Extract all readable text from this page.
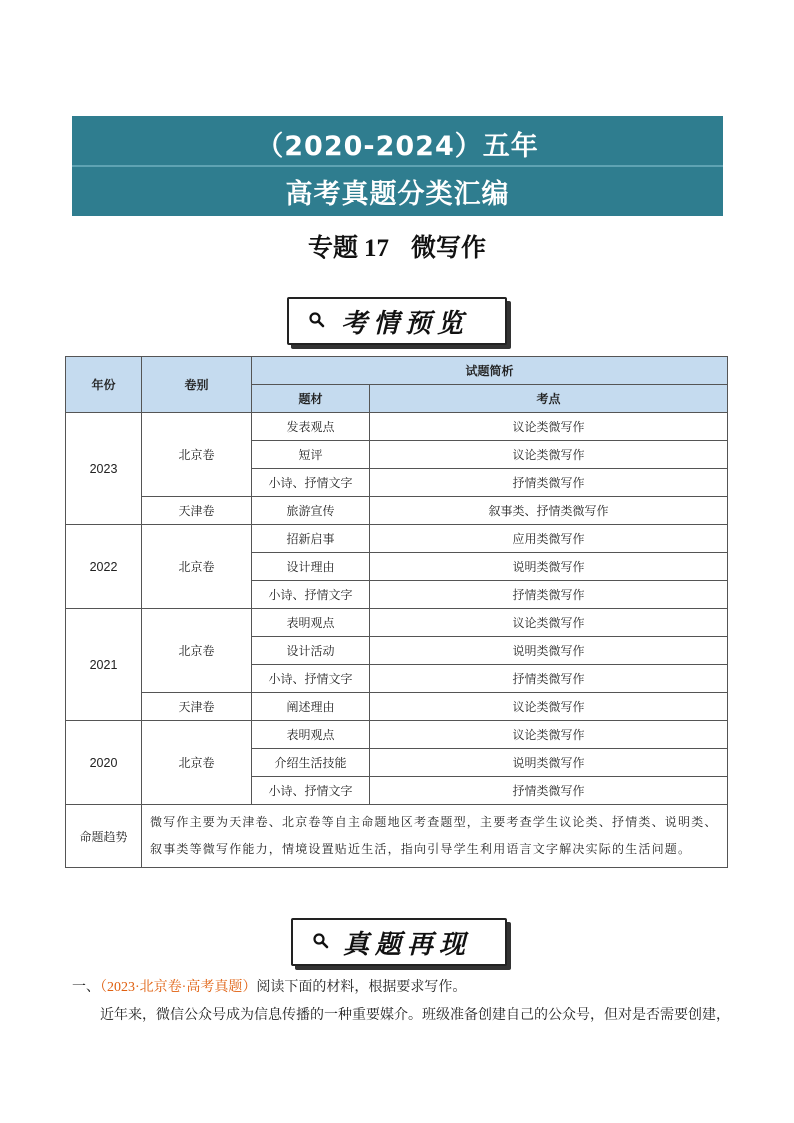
（2020-2024）五年
高考真题分类汇编
专题 17 微写作
考情预览
年份	卷别	试题简析	
		题材	考点
2023	北京卷	发表观点	议论类微写作
		短评	议论类微写作
		小诗、抒情文字	抒情类微写作
	天津卷	旅游宣传	叙事类、抒情类微写作
2022	北京卷	招新启事	应用类微写作
		设计理由	说明类微写作
		小诗、抒情文字	抒情类微写作
2021	北京卷	表明观点	议论类微写作
		设计活动	说明类微写作
		小诗、抒情文字	抒情类微写作
	天津卷	阐述理由	议论类微写作
2020	北京卷	表明观点	议论类微写作
		介绍生活技能	说明类微写作
		小诗、抒情文字	抒情类微写作
命题趋势	微写作主要为天津卷、北京卷等自主命题地区考查题型，主要考查学生议论类、抒情类、说明类、叙事类等微写作能力，情境设置贴近生活，指向引导学生利用语言文字解决实际的生活问题。		
真题再现
一、（2023·北京卷·高考真题）阅读下面的材料，根据要求写作。
近年来，微信公众号成为信息传播的一种重要媒介。班级准备创建自己的公众号，但对是否需要创建，
